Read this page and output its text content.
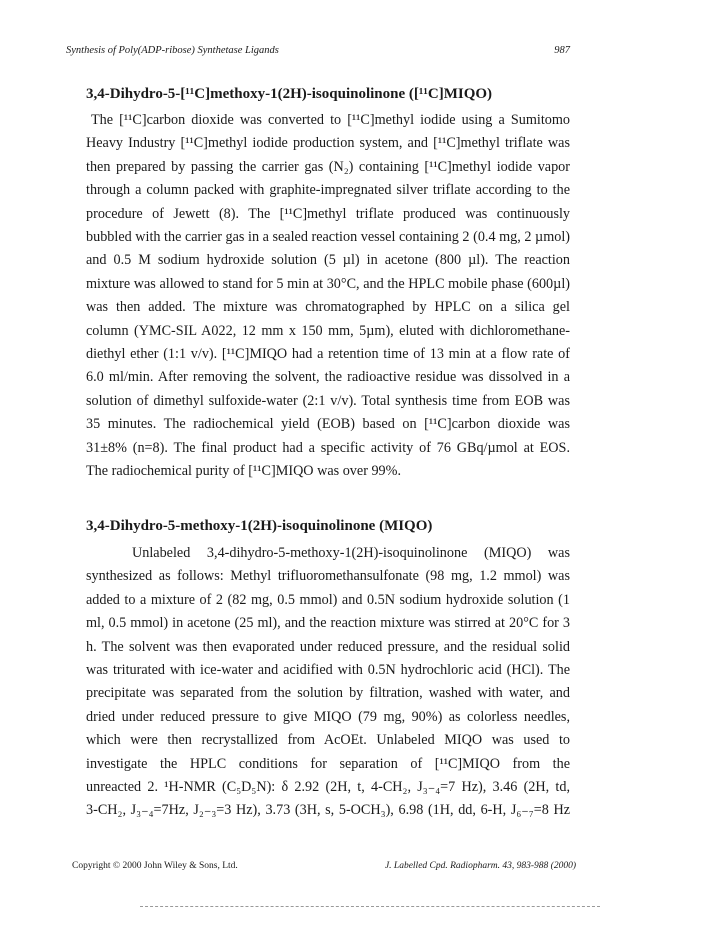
Synthesis of Poly(ADP-ribose) Synthetase Ligands	987
3,4-Dihydro-5-[¹¹C]methoxy-1(2H)-isoquinolinone ([¹¹C]MIQO)
The [¹¹C]carbon dioxide was converted to [¹¹C]methyl iodide using a Sumitomo
Heavy Industry [¹¹C]methyl iodide production system, and [¹¹C]methyl triflate was
then prepared by passing the carrier gas (N₂) containing [¹¹C]methyl iodide vapor
through a column packed with graphite-impregnated silver triflate according to the
procedure of Jewett (8). The [¹¹C]methyl triflate produced was continuously
bubbled with the carrier gas in a sealed reaction vessel containing 2 (0.4 mg, 2 µmol)
and 0.5 M sodium hydroxide solution (5 µl) in acetone (800 µl). The reaction
mixture was allowed to stand for 5 min at 30°C, and the HPLC mobile phase (600µl)
was then added. The mixture was chromatographed by HPLC on a silica gel
column (YMC-SIL A022, 12 mm x 150 mm, 5µm), eluted with dichloromethane-
diethyl ether (1:1 v/v). [¹¹C]MIQO had a retention time of 13 min at a flow rate of
6.0 ml/min. After removing the solvent, the radioactive residue was dissolved in a
solution of dimethyl sulfoxide-water (2:1 v/v). Total synthesis time from EOB was
35 minutes. The radiochemical yield (EOB) based on [¹¹C]carbon dioxide was
31±8% (n=8). The final product had a specific activity of 76 GBq/µmol at EOS.
The radiochemical purity of [¹¹C]MIQO was over 99%.
3,4-Dihydro-5-methoxy-1(2H)-isoquinolinone (MIQO)
Unlabeled 3,4-dihydro-5-methoxy-1(2H)-isoquinolinone (MIQO) was
synthesized as follows: Methyl trifluoromethansulfonate (98 mg, 1.2 mmol) was
added to a mixture of 2 (82 mg, 0.5 mmol) and 0.5N sodium hydroxide solution (1
ml, 0.5 mmol) in acetone (25 ml), and the reaction mixture was stirred at 20°C for 3
h. The solvent was then evaporated under reduced pressure, and the residual solid
was triturated with ice-water and acidified with 0.5N hydrochloric acid (HCl). The
precipitate was separated from the solution by filtration, washed with water, and
dried under reduced pressure to give MIQO (79 mg, 90%) as colorless needles,
which were then recrystallized from AcOEt. Unlabeled MIQO was used to
investigate the HPLC conditions for separation of [¹¹C]MIQO from the
unreacted 2. ¹H-NMR (C₅D₅N): δ 2.92 (2H, t, 4-CH₂, J₃₋₄=7 Hz), 3.46 (2H, td,
3-CH₂, J₃₋₄=7Hz, J₂₋₃=3 Hz), 3.73 (3H, s, 5-OCH₃), 6.98 (1H, dd, 6-H, J₆₋₇=8 Hz
Copyright © 2000 John Wiley & Sons, Ltd.	J. Labelled Cpd. Radiopharm. 43, 983-988 (2000)
